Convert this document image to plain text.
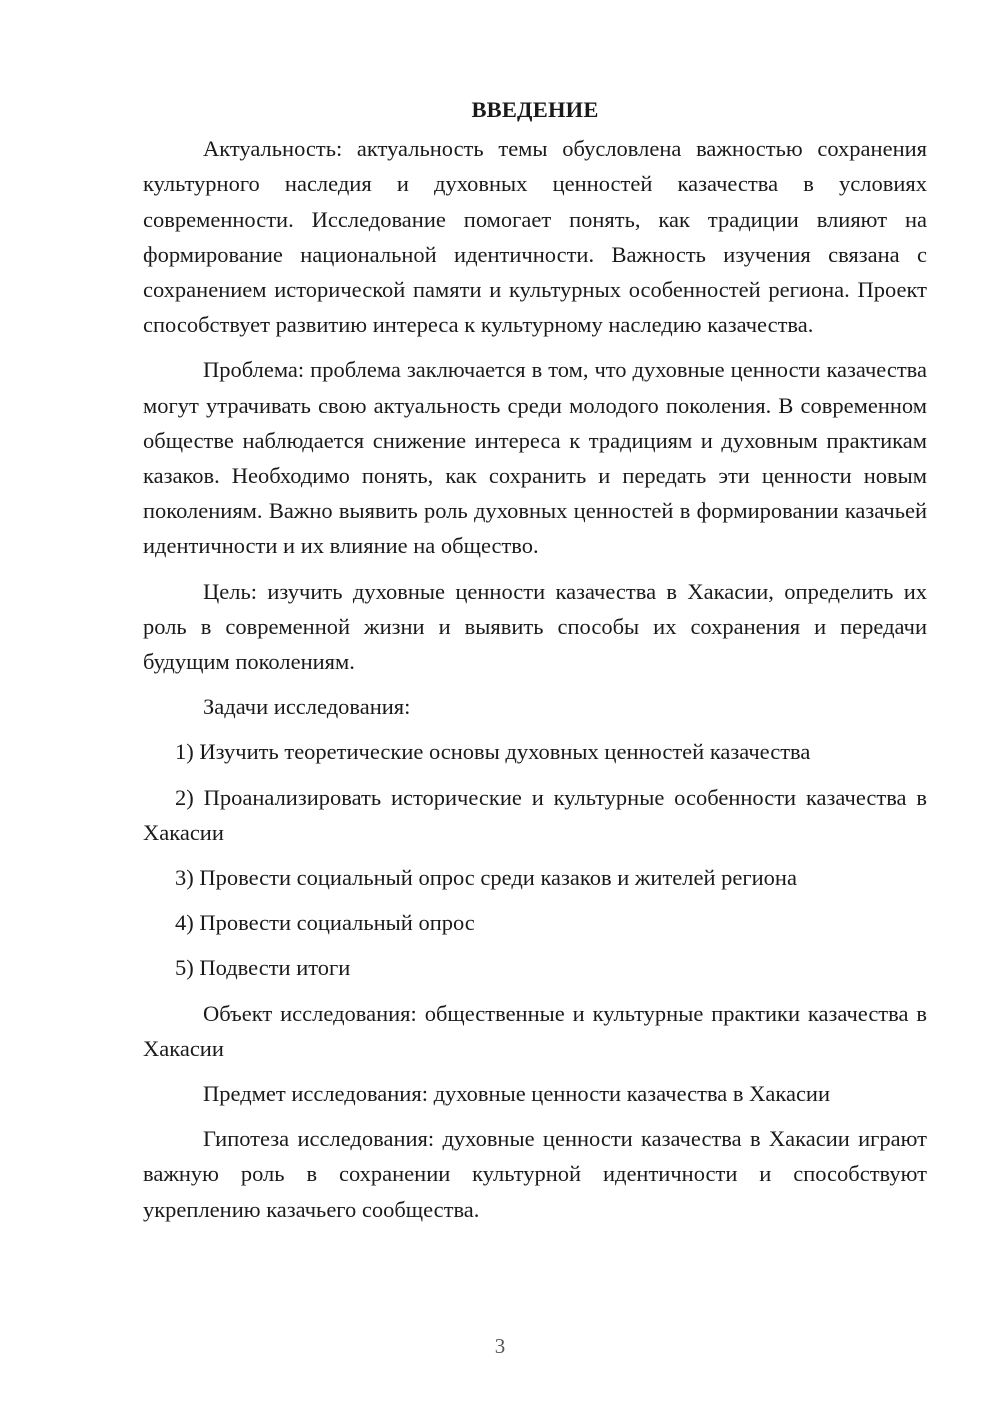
ВВЕДЕНИЕ

Актуальность: актуальность темы обусловлена важностью сохранения культурного наследия и духовных ценностей казачества в условиях современности. Исследование помогает понять, как традиции влияют на формирование национальной идентичности. Важность изучения связана с сохранением исторической памяти и культурных особенностей региона. Проект способствует развитию интереса к культурному наследию казачества.

Проблема: проблема заключается в том, что духовные ценности казачества могут утрачивать свою актуальность среди молодого поколения. В современном обществе наблюдается снижение интереса к традициям и духовным практикам казаков. Необходимо понять, как сохранить и передать эти ценности новым поколениям. Важно выявить роль духовных ценностей в формировании казачьей идентичности и их влияние на общество.

Цель: изучить духовные ценности казачества в Хакасии, определить их роль в современной жизни и выявить способы их сохранения и передачи будущим поколениям.

Задачи исследования:

1) Изучить теоретические основы духовных ценностей казачества

2) Проанализировать исторические и культурные особенности казачества в Хакасии

3) Провести социальный опрос среди казаков и жителей региона

4) Провести социальный опрос

5) Подвести итоги

Объект исследования: общественные и культурные практики казачества в Хакасии

Предмет исследования: духовные ценности казачества в Хакасии

Гипотеза исследования: духовные ценности казачества в Хакасии играют важную роль в сохранении культурной идентичности и способствуют укреплению казачьего сообщества.

3
